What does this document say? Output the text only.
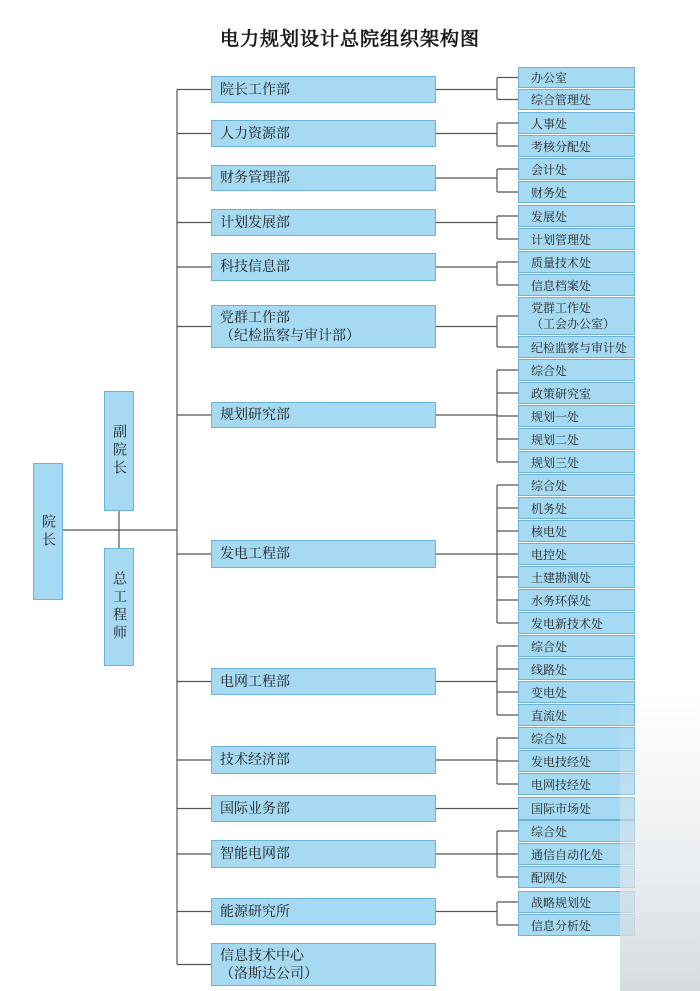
电力规划设计总院组织架构图
院长
副院长
总工程师
院长工作部
办公室
综合管理处
人力资源部
人事处
考核分配处
财务管理部
会计处
财务处
计划发展部	发展处
计划管理处
科技信息部	质量技术处
信息档案处
党群工作部
（纪检监察与审计部）
党群工作处
（工会办公室）
纪检监察与审计处
规划研究部
综合处
政策研究室
规划一处
规划二处
规划三处
发电工程部
综合处
机务处
核电处
电控处
土建勘测处
水务环保处
发电新技术处
电网工程部
综合处
线路处
变电处
直流处
技术经济部
综合处
发电技经处
电网技经处
国际业务部	国际市场处
智能电网部
综合处
通信自动化处
配网处
能源研究所
战略规划处
信息分析处
信息技术中心
（洛斯达公司）
